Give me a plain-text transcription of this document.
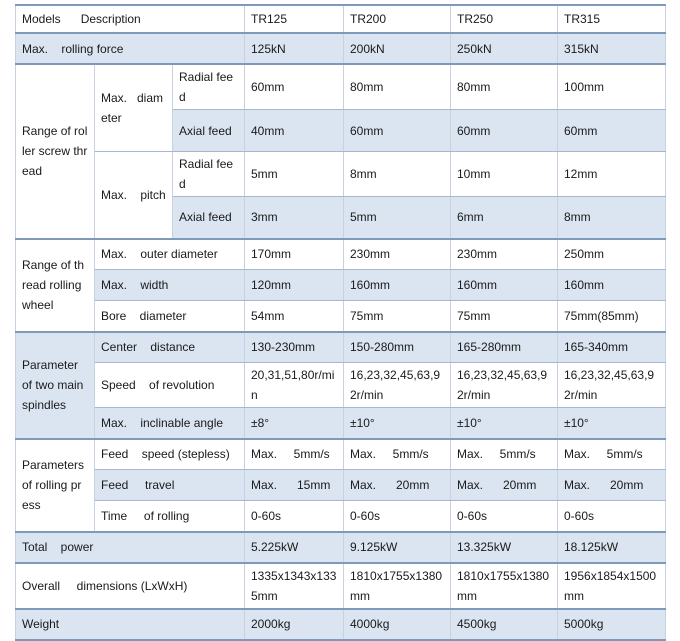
Models      Description			TR125	TR200	TR250	TR315
Max.    rolling force			125kN	200kN	250kN	315kN
Range of roller screw thread	Max.   diameter	Radial feed	60mm	80mm	80mm	100mm
		Axial feed	40mm	60mm	60mm	60mm
	Max.    pitch	Radial feed	5mm	8mm	10mm	12mm
		Axial feed	3mm	5mm	6mm	8mm
Range of thread rolling wheel	Max.    outer diameter		170mm	230mm	230mm	250mm
	Max.    width		120mm	160mm	160mm	160mm
	Bore    diameter		54mm	75mm	75mm	75mm(85mm)
Parameter of two main spindles	Center    distance		130-230mm	150-280mm	165-280mm	165-340mm
	Speed    of revolution		20,31,51,80r/min	16,23,32,45,63,92r/min	16,23,32,45,63,92r/min	16,23,32,45,63,92r/min
	Max.    inclinable angle		±8°	±10°	±10°	±10°
Parameters of rolling press	Feed    speed (stepless)		Max.     5mm/s	Max.     5mm/s	Max.     5mm/s	Max.     5mm/s
	Feed     travel		Max.      15mm	Max.      20mm	Max.      20mm	Max.      20mm
	Time     of rolling		0-60s	0-60s	0-60s	0-60s
Total    power			5.225kW	9.125kW	13.325kW	18.125kW
Overall     dimensions (LxWxH)			1335x1343x1335mm	1810x1755x1380mm	1810x1755x1380mm	1956x1854x1500mm
Weight			2000kg	4000kg	4500kg	5000kg
